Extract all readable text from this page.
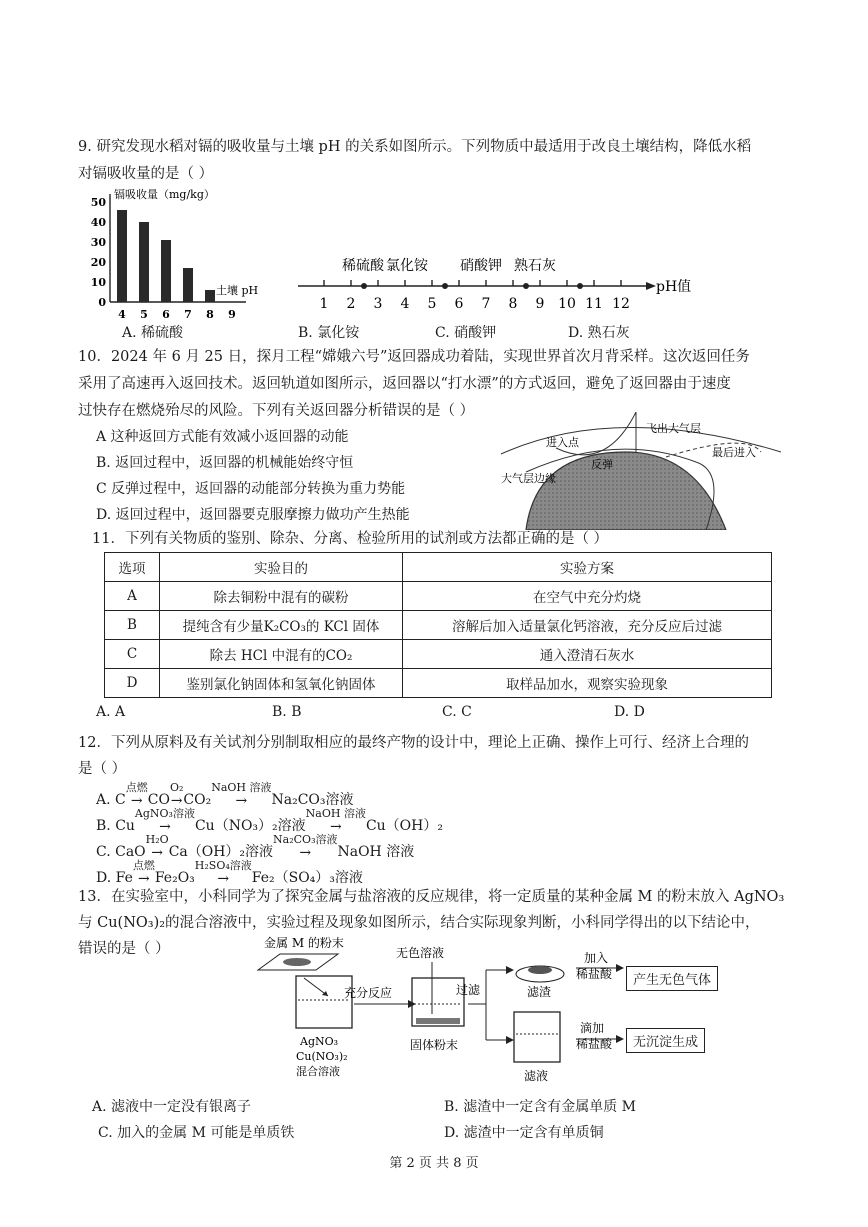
9. 研究发现水稻对镉的吸收量与土壤 pH 的关系如图所示。下列物质中最适用于改良土壤结构，降低水稻
对镉吸收量的是（ ）
镉吸收量（mg/kg）
0
10
20
30
40
50
4 5 6 7 8 9
土壤 pH
1 2 3 4 5 6 7 8 9 10 11 12
稀硫酸 氯化铵 硝酸钾 熟石灰
pH值
A. 稀硫酸	B. 氯化铵	C. 硝酸钾	D. 熟石灰
10．2024 年 6 月 25 日，探月工程“嫦娥六号”返回器成功着陆，实现世界首次月背采样。这次返回任务
采用了高速再入返回技术。返回轨道如图所示，返回器以“打水漂”的方式返回，避免了返回器由于速度
过快存在燃烧殆尽的风险。下列有关返回器分析错误的是（ ）
A 这种返回方式能有效减小返回器的动能
B. 返回过程中，返回器的机械能始终守恒
C 反弹过程中，返回器的动能部分转换为重力势能
D. 返回过程中，返回器要克服摩擦力做功产生热能
进入点
飞出大气层
反弹
最后进入
大气层边缘
11．下列有关物质的鉴别、除杂、分离、检验所用的试剂或方法都正确的是（ ）
选项	实验目的	实验方案
A	除去铜粉中混有的碳粉	在空气中充分灼烧
B	提纯含有少量K₂CO₃的 KCl 固体	溶解后加入适量氯化钙溶液，充分反应后过滤
C	除去 HCl 中混有的CO₂	通入澄清石灰水
D	鉴别氯化钠固体和氢氧化钠固体	取样品加水，观察实验现象
A. A	B. B	C. C	D. D
12．下列从原料及有关试剂分别制取相应的最终产物的设计中，理论上正确、操作上可行、经济上合理的
是（ ）
A. C
点燃
→ CO
O₂
→CO₂
NaOH 溶液
→ Na₂CO₃溶液
B. Cu
AgNO₃溶液
→ Cu（NO₃）₂溶液
NaOH 溶液
→ Cu（OH）₂
C. CaO
H₂O
→ Ca（OH）₂溶液
Na₂CO₃溶液
→ NaOH 溶液
D. Fe
点燃
→ Fe₂O₃
H₂SO₄溶液
→ Fe₂（SO₄）₃溶液
13．在实验室中，小科同学为了探究金属与盐溶液的反应规律，将一定质量的某种金属 M 的粉末放入 AgNO₃
与 Cu(NO₃)₂的混合溶液中，实验过程及现象如图所示，结合实际现象判断，小科同学得出的以下结论中，
错误的是（ ）	金属 M 的粉末
AgNO₃
Cu(NO₃)₂
混合溶液
充分反应
无色溶液
固体粉末
过滤	滤渣
加入
稀盐酸
滤液
滴加
稀盐酸
产生无色气体
无沉淀生成
A. 滤液中一定没有银离子	B. 滤渣中一定含有金属单质 M
C. 加入的金属 M 可能是单质铁	D. 滤渣中一定含有单质铜
第 2 页 共 8 页
